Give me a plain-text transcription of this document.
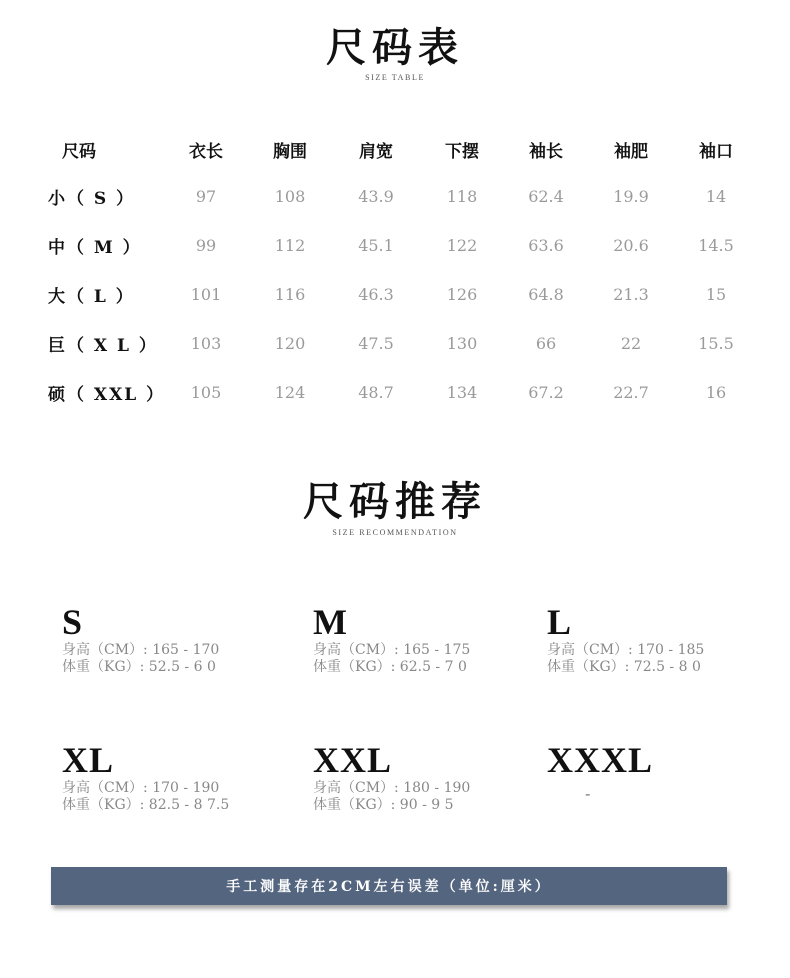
尺码表
SIZE TABLE
尺码	衣长	胸围	肩宽	下摆	袖长	袖肥	袖口
小（ S ）	97	108	43.9	118	62.4	19.9	14
中（ M ）	99	112	45.1	122	63.6	20.6	14.5
大（ L ）	101	116	46.3	126	64.8	21.3	15
巨（ X L ）	103	120	47.5	130	66	22	15.5
硕（ XXL ）	105	124	48.7	134	67.2	22.7	16
尺码推荐
SIZE RECOMMENDATION
S
身高（CM）: 165 - 170
体重（KG）: 52.5 - 6 0
M
身高（CM）: 165 - 175
体重（KG）: 62.5 - 7 0
L
身高（CM）: 170 - 185
体重（KG）: 72.5 - 8 0
XL
身高（CM）: 170 - 190
体重（KG）: 82.5 - 8 7.5
XXL
身高（CM）: 180 - 190
体重（KG）: 90 - 9 5
XXXL
-
手工测量存在2CM左右误差（单位:厘米）
